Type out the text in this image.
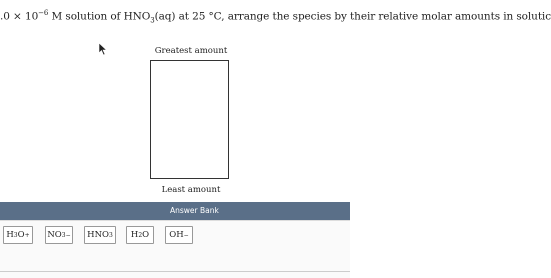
$.0 \times 10^{-6}$ M solution of $HNO_3(aq)$ at 25 °C, arrange the species by their relative molar amounts in solutic
Greatest amount
Least amount
Answer Bank
H 3 O + NO 3 − HNO 3 H 2 O OH −
